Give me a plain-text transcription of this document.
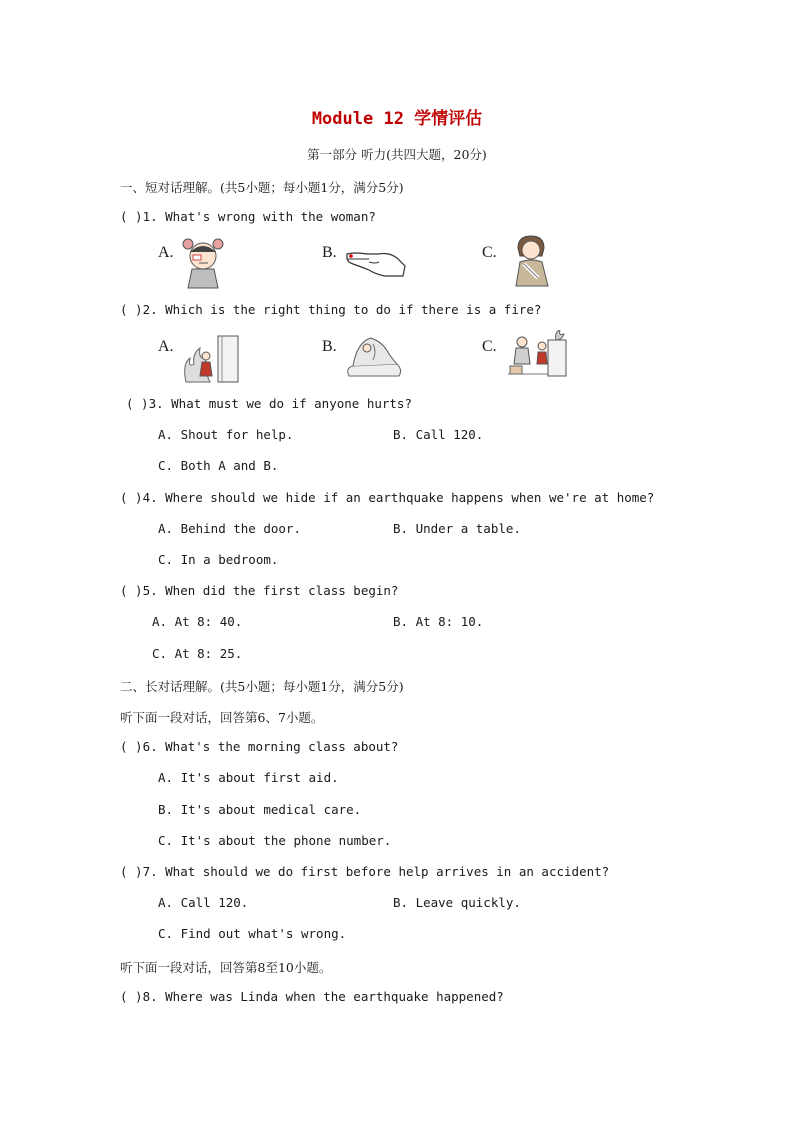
Module 12 学情评估
第一部分 听力(共四大题，20分)
一、短对话理解。(共5小题；每小题1分，满分5分)
( )1. What's wrong with the woman?
A.	B.	C.
( )2. Which is the right thing to do if there is a fire?
A.	B.	C.
( )3. What must we do if anyone hurts?
A. Shout for help.	B. Call 120.
C. Both A and B.
( )4. Where should we hide if an earthquake happens when we're at home?
A. Behind the door.	B. Under a table.
C. In a bedroom.
( )5. When did the first class begin?
A. At 8: 40.	B. At 8: 10.
C. At 8: 25.
二、长对话理解。(共5小题；每小题1分，满分5分)
听下面一段对话，回答第6、7小题。
( )6. What's the morning class about?
A. It's about first aid.
B. It's about medical care.
C. It's about the phone number.
( )7. What should we do first before help arrives in an accident?
A. Call 120.	B. Leave quickly.
C. Find out what's wrong.
听下面一段对话，回答第8至10小题。
( )8. Where was Linda when the earthquake happened?
